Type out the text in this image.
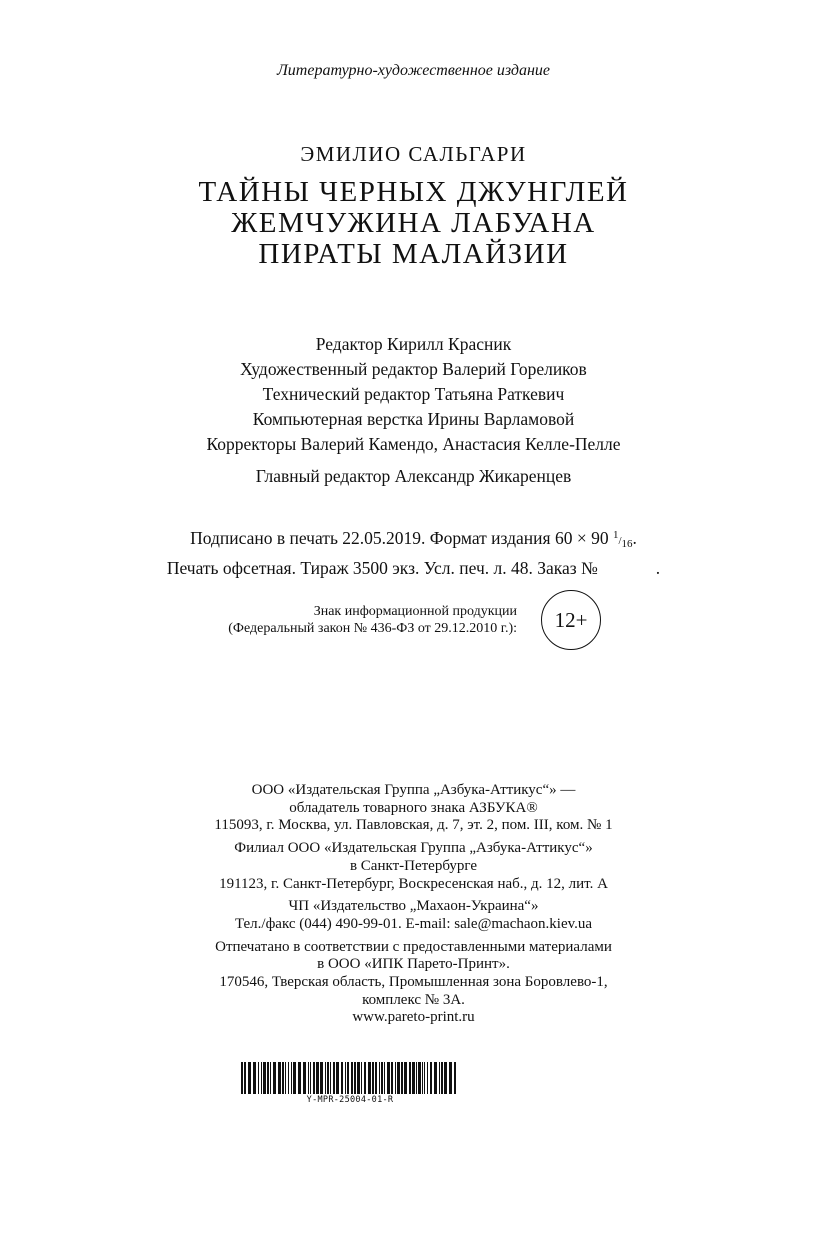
Литературно-художественное издание
ЭМИЛИО САЛЬГАРИ
ТАЙНЫ ЧЕРНЫХ ДЖУНГЛЕЙ
ЖЕМЧУЖИНА ЛАБУАНА
ПИРАТЫ МАЛАЙЗИИ
Редактор Кирилл Красник
Художественный редактор Валерий Гореликов
Технический редактор Татьяна Раткевич
Компьютерная верстка Ирины Варламовой
Корректоры Валерий Камендо, Анастасия Келле-Пелле
Главный редактор Александр Жикаренцев
Подписано в печать 22.05.2019. Формат издания 60 × 90 1/16.
Печать офсетная. Тираж 3500 экз. Усл. печ. л. 48. Заказ №	.
Знак информационной продукции
(Федеральный закон № 436-ФЗ от 29.12.2010 г.): 12+
ООО «Издательская Группа „Азбука-Аттикус“» —
обладатель товарного знака АЗБУКА®
115093, г. Москва, ул. Павловская, д. 7, эт. 2, пом. III, ком. № 1
Филиал ООО «Издательская Группа „Азбука-Аттикус“»
в Санкт-Петербурге
191123, г. Санкт-Петербург, Воскресенская наб., д. 12, лит. А
ЧП «Издательство „Махаон-Украина“»
Тел./факс (044) 490-99-01. E-mail: sale@machaon.kiev.ua
Отпечатано в соответствии с предоставленными материалами
в ООО «ИПК Парето-Принт».
170546, Тверская область, Промышленная зона Боровлево-1,
комплекс № 3А.
www.pareto-print.ru
Y-MPR-25004-01-R
